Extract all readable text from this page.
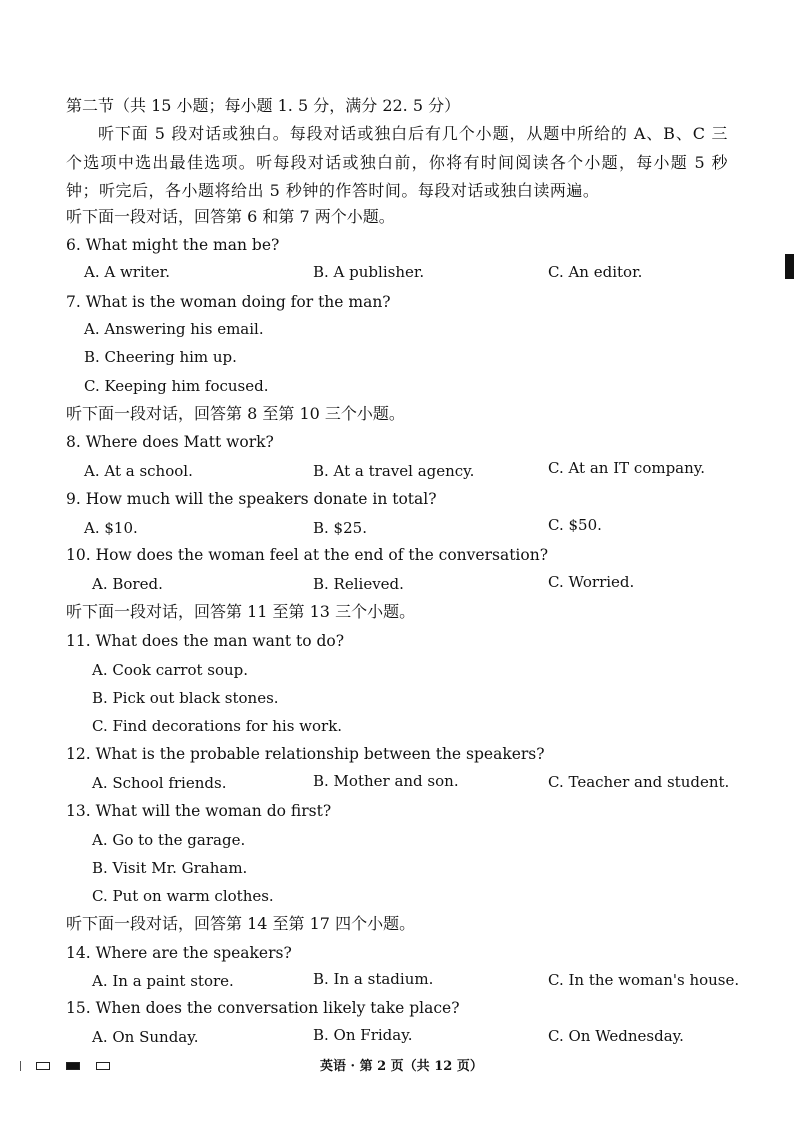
第二节（共 15 小题；每小题 1. 5 分，满分 22. 5 分）
听下面 5 段对话或独白。每段对话或独白后有几个小题，从题中所给的 A、B、C 三个选项中选出最佳选项。听每段对话或独白前，你将有时间阅读各个小题，每小题 5 秒钟；听完后，各小题将给出 5 秒钟的作答时间。每段对话或独白读两遍。
听下面一段对话，回答第 6 和第 7 两个小题。
6. What might the man be?
A. A writer.	B. A publisher.	C. An editor.
7. What is the woman doing for the man?
A. Answering his email.
B. Cheering him up.
C. Keeping him focused.
听下面一段对话，回答第 8 至第 10 三个小题。
8. Where does Matt work?
A. At a school.	B. At a travel agency.	C. At an IT company.
9. How much will the speakers donate in total?
A. $10.	B. $25.	C. $50.
10. How does the woman feel at the end of the conversation?
A. Bored.	B. Relieved.	C. Worried.
听下面一段对话，回答第 11 至第 13 三个小题。
11. What does the man want to do?
A. Cook carrot soup.
B. Pick out black stones.
C. Find decorations for his work.
12. What is the probable relationship between the speakers?
A. School friends.	B. Mother and son.	C. Teacher and student.
13. What will the woman do first?
A. Go to the garage.
B. Visit Mr. Graham.
C. Put on warm clothes.
听下面一段对话，回答第 14 至第 17 四个小题。
14. Where are the speakers?
A. In a paint store.	B. In a stadium.	C. In the woman's house.
15. When does the conversation likely take place?
A. On Sunday.	B. On Friday.	C. On Wednesday.
英语 · 第 2 页（共 12 页）
